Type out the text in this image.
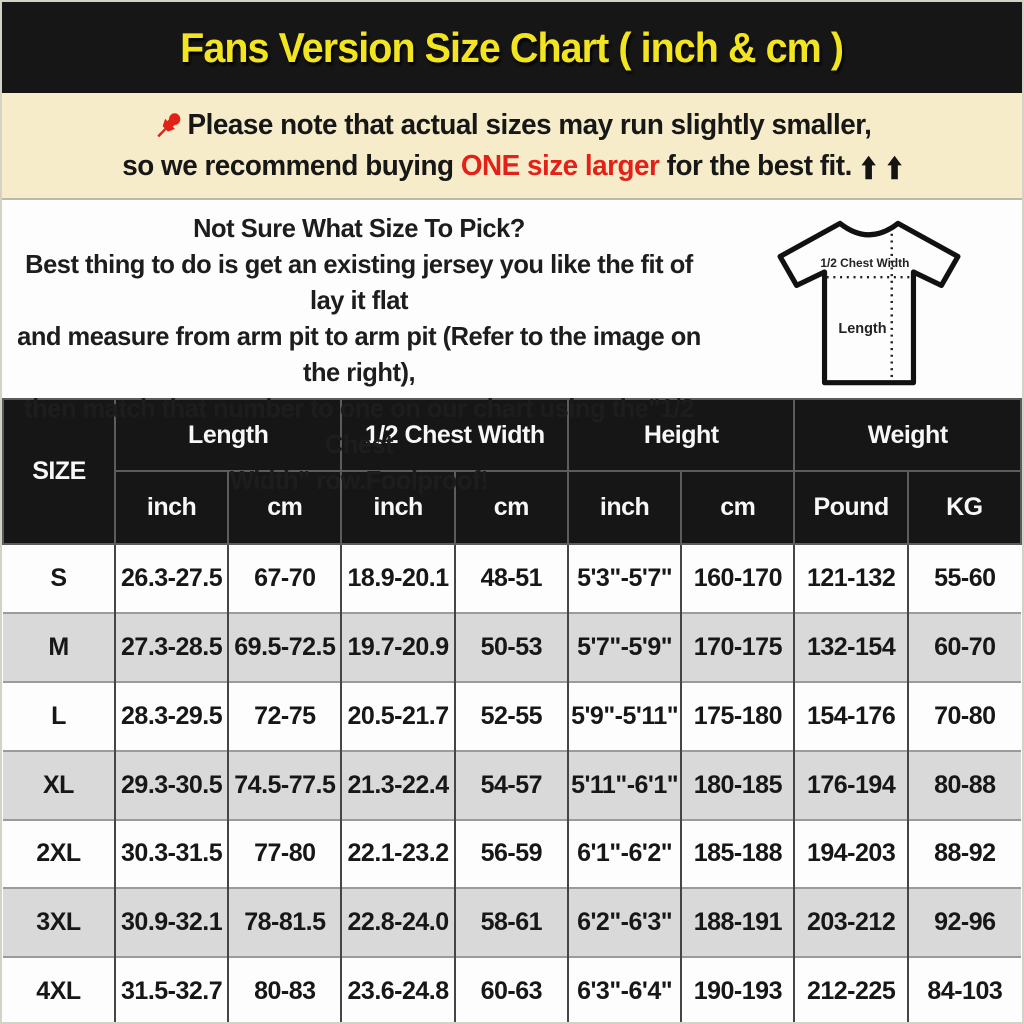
Fans Version Size Chart ( inch & cm )

Please note that actual sizes may run slightly smaller,

so we recommend buying ONE size larger for the best fit.

Not Sure What Size To Pick?

Best thing to do is get an existing jersey you like the fit of lay it flat

and measure from arm pit to arm pit (Refer to the image on the right),

then match that number to one on our chart using the"1/2 Chest

Width" row.Foolproof!

1/2 Chest Width
Length
SIZE	Length		1/2 Chest Width		Height		Weight	
	inch	cm	inch	cm	inch	cm	Pound	KG
S	26.3-27.5	67-70	18.9-20.1	48-51	5'3"-5'7"	160-170	121-132	55-60
M	27.3-28.5	69.5-72.5	19.7-20.9	50-53	5'7"-5'9"	170-175	132-154	60-70
L	28.3-29.5	72-75	20.5-21.7	52-55	5'9"-5'11"	175-180	154-176	70-80
XL	29.3-30.5	74.5-77.5	21.3-22.4	54-57	5'11"-6'1"	180-185	176-194	80-88
2XL	30.3-31.5	77-80	22.1-23.2	56-59	6'1"-6'2"	185-188	194-203	88-92
3XL	30.9-32.1	78-81.5	22.8-24.0	58-61	6'2"-6'3"	188-191	203-212	92-96
4XL	31.5-32.7	80-83	23.6-24.8	60-63	6'3"-6'4"	190-193	212-225	84-103
